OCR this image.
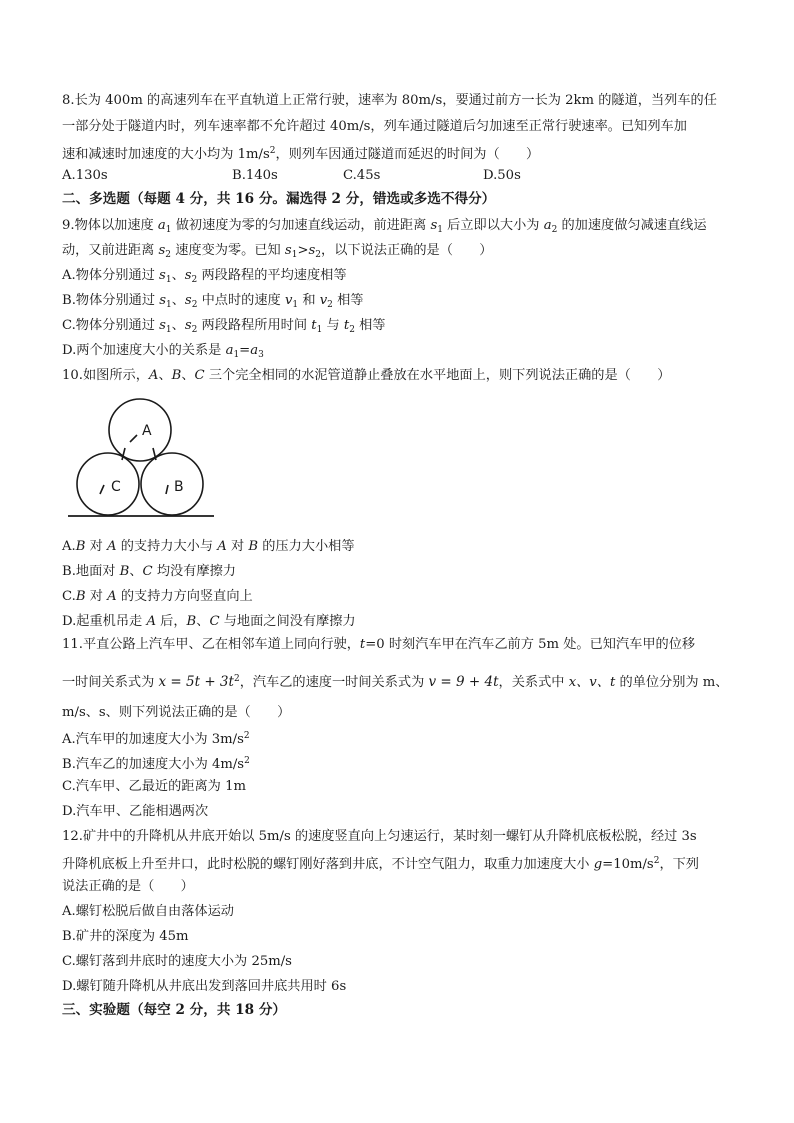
8.长为 400m 的高速列车在平直轨道上正常行驶，速率为 80m/s，要通过前方一长为 2km 的隧道，当列车的任
一部分处于隧道内时，列车速率都不允许超过 40m/s，列车通过隧道后匀加速至正常行驶速率。已知列车加
速和减速时加速度的大小均为 $1m/s^2$，则列车因通过隧道而延迟的时间为（　　）
A.130s	B.140s	C.45s	D.50s
二、多选题（每题 4 分，共 16 分。漏选得 2 分，错选或多选不得分）
9.物体以加速度 $a_1$ 做初速度为零的匀加速直线运动，前进距离 $s_1$ 后立即以大小为 $a_2$ 的加速度做匀减速直线运
动，又前进距离 $s_2$ 速度变为零。已知 $s_1>s_2$，以下说法正确的是（　　）
A.物体分别通过 $s_1$、$s_2$ 两段路程的平均速度相等
B.物体分别通过 $s_1$、$s_2$ 中点时的速度 $v_1$ 和 $v_2$ 相等
C.物体分别通过 $s_1$、$s_2$ 两段路程所用时间 $t_1$ 与 $t_2$ 相等
D.两个加速度大小的关系是 $a_1=a_3$
10.如图所示，A、B、C 三个完全相同的水泥管道静止叠放在水平地面上，则下列说法正确的是（　　）
A
C	B
A.B 对 A 的支持力大小与 A 对 B 的压力大小相等
B.地面对 B、C 均没有摩擦力
C.B 对 A 的支持力方向竖直向上
D.起重机吊走 A 后，B、C 与地面之间没有摩擦力
11.平直公路上汽车甲、乙在相邻车道上同向行驶，t=0 时刻汽车甲在汽车乙前方 5m 处。已知汽车甲的位移
一时间关系式为 $x = 5t + 3t^2$，汽车乙的速度一时间关系式为 v = 9 + 4t，关系式中 x、v、t 的单位分别为 m、
m/s、s、则下列说法正确的是（　　）
A.汽车甲的加速度大小为 $3m/s^2$
B.汽车乙的加速度大小为 $4m/s^2$
C.汽车甲、乙最近的距离为 1m
D.汽车甲、乙能相遇两次
12.矿井中的升降机从井底开始以 5m/s 的速度竖直向上匀速运行，某时刻一螺钉从升降机底板松脱，经过 3s
升降机底板上升至井口，此时松脱的螺钉刚好落到井底，不计空气阻力，取重力加速度大小 $g=10m/s^2$，下列
说法正确的是（　　）
A.螺钉松脱后做自由落体运动
B.矿井的深度为 45m
C.螺钉落到井底时的速度大小为 25m/s
D.螺钉随升降机从井底出发到落回井底共用时 6s
三、实验题（每空 2 分，共 18 分）
